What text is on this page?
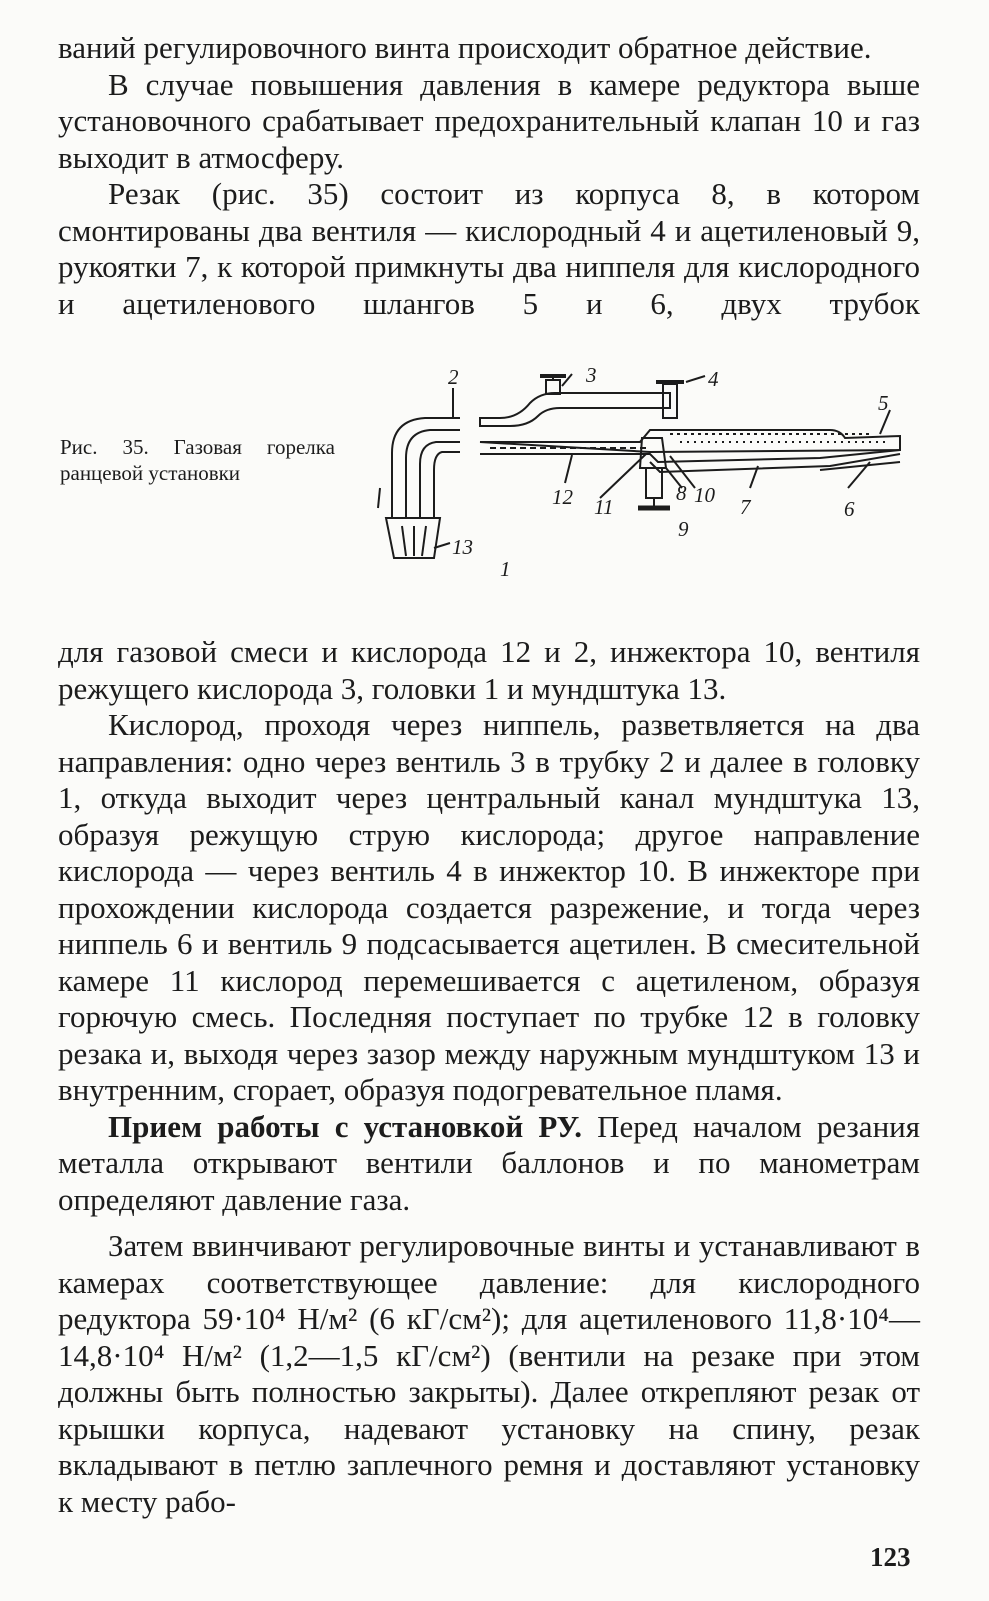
ваний регулировочного винта происходит обратное действие.

В случае повышения давления в камере редуктора выше установочного срабатывает предохранительный клапан 10 и газ выходит в атмосферу.

Резак (рис. 35) состоит из корпуса 8, в котором смонтированы два вентиля — кислородный 4 и ацетиленовый 9, рукоятки 7, к которой примкнуты два ниппеля для кислородного и ацетиленового шлангов 5 и 6, двух трубок

Рис. 35. Газовая горелка ранцевой установки
2	3	4
5
6
7
8
9
10
11
12
13
1

для газовой смеси и кислорода 12 и 2, инжектора 10, вентиля режущего кислорода 3, головки 1 и мундштука 13.

Кислород, проходя через ниппель, разветвляется на два направления: одно через вентиль 3 в трубку 2 и далее в головку 1, откуда выходит через центральный канал мундштука 13, образуя режущую струю кислорода; другое направление кислорода — через вентиль 4 в инжектор 10. В инжекторе при прохождении кислорода создается разрежение, и тогда через ниппель 6 и вентиль 9 подсасывается ацетилен. В смесительной камере 11 кислород перемешивается с ацетиленом, образуя горючую смесь. Последняя поступает по трубке 12 в головку резака и, выходя через зазор между наружным мундштуком 13 и внутренним, сгорает, образуя подогревательное пламя.

Прием работы с установкой РУ. Перед началом резания металла открывают вентили баллонов и по манометрам определяют давление газа.

Затем ввинчивают регулировочные винты и устанавливают в камерах соответствующее давление: для кислородного редуктора 59·10⁴ Н/м² (6 кГ/см²); для ацетиленового 11,8·10⁴—14,8·10⁴ Н/м² (1,2—1,5 кГ/см²) (вентили на резаке при этом должны быть полностью закрыты). Далее открепляют резак от крышки корпуса, надевают установку на спину, резак вкладывают в петлю заплечного ремня и доставляют установку к месту рабо-

123
